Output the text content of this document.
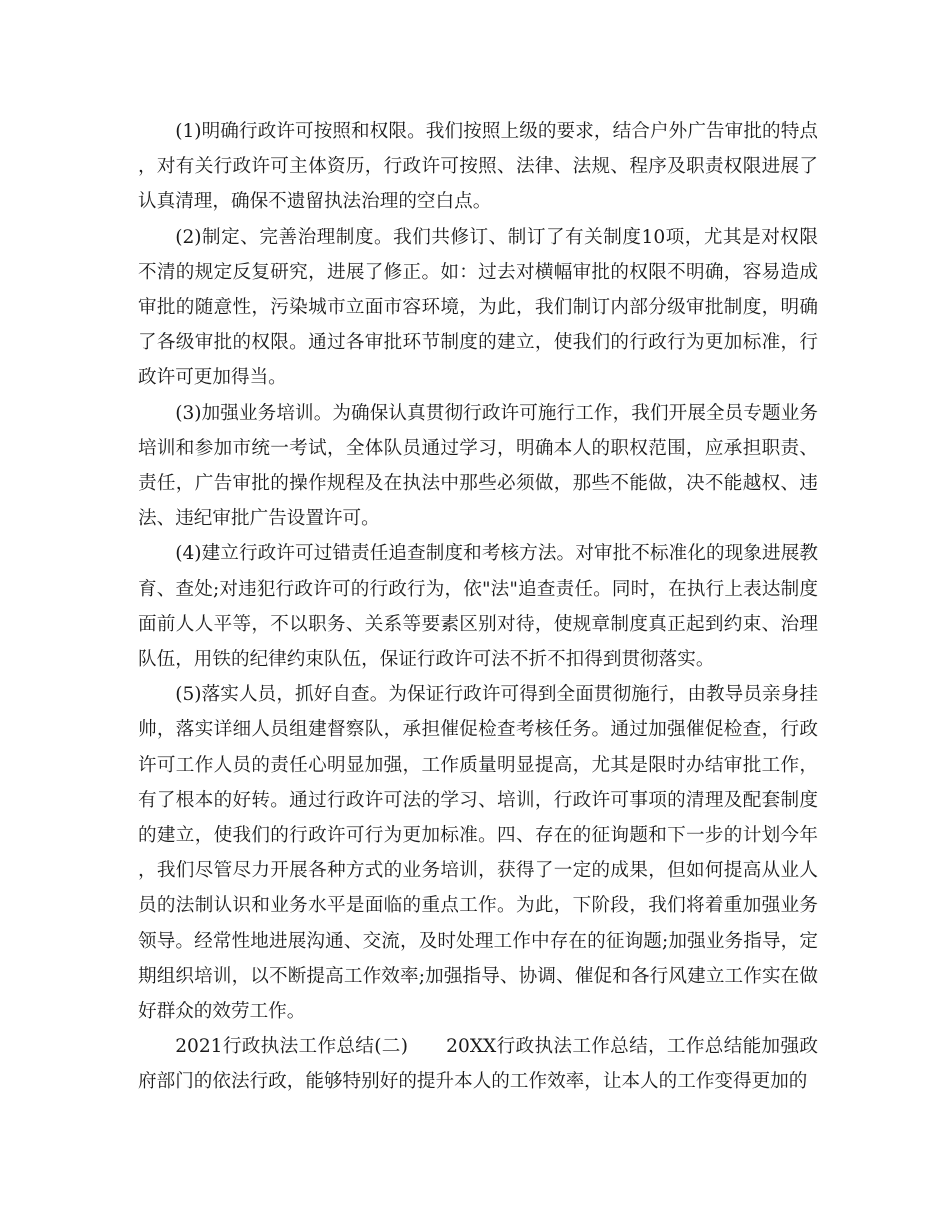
(1)明确行政许可按照和权限。我们按照上级的要求，结合户外广告审批的特点，对有关行政许可主体资历，行政许可按照、法律、法规、程序及职责权限进展了认真清理，确保不遗留执法治理的空白点。

(2)制定、完善治理制度。我们共修订、制订了有关制度10项，尤其是对权限不清的规定反复研究，进展了修正。如：过去对横幅审批的权限不明确，容易造成审批的随意性，污染城市立面市容环境，为此，我们制订内部分级审批制度，明确了各级审批的权限。通过各审批环节制度的建立，使我们的行政行为更加标准，行政许可更加得当。

(3)加强业务培训。为确保认真贯彻行政许可施行工作，我们开展全员专题业务培训和参加市统一考试，全体队员通过学习，明确本人的职权范围，应承担职责、责任，广告审批的操作规程及在执法中那些必须做，那些不能做，决不能越权、违法、违纪审批广告设置许可。

(4)建立行政许可过错责任追查制度和考核方法。对审批不标准化的现象进展教育、查处;对违犯行政许可的行政行为，依"法"追查责任。同时，在执行上表达制度面前人人平等，不以职务、关系等要素区别对待，使规章制度真正起到约束、治理队伍，用铁的纪律约束队伍，保证行政许可法不折不扣得到贯彻落实。

(5)落实人员，抓好自查。为保证行政许可得到全面贯彻施行，由教导员亲身挂帅，落实详细人员组建督察队，承担催促检查考核任务。通过加强催促检查，行政许可工作人员的责任心明显加强，工作质量明显提高，尤其是限时办结审批工作，有了根本的好转。通过行政许可法的学习、培训，行政许可事项的清理及配套制度的建立，使我们的行政许可行为更加标准。四、存在的征询题和下一步的计划今年，我们尽管尽力开展各种方式的业务培训，获得了一定的成果，但如何提高从业人员的法制认识和业务水平是面临的重点工作。为此，下阶段，我们将着重加强业务领导。经常性地进展沟通、交流，及时处理工作中存在的征询题;加强业务指导，定期组织培训，以不断提高工作效率;加强指导、协调、催促和各行风建立工作实在做好群众的效劳工作。

2021行政执法工作总结(二)　　20XX行政执法工作总结，工作总结能加强政府部门的依法行政，能够特别好的提升本人的工作效率，让本人的工作变得更加的
